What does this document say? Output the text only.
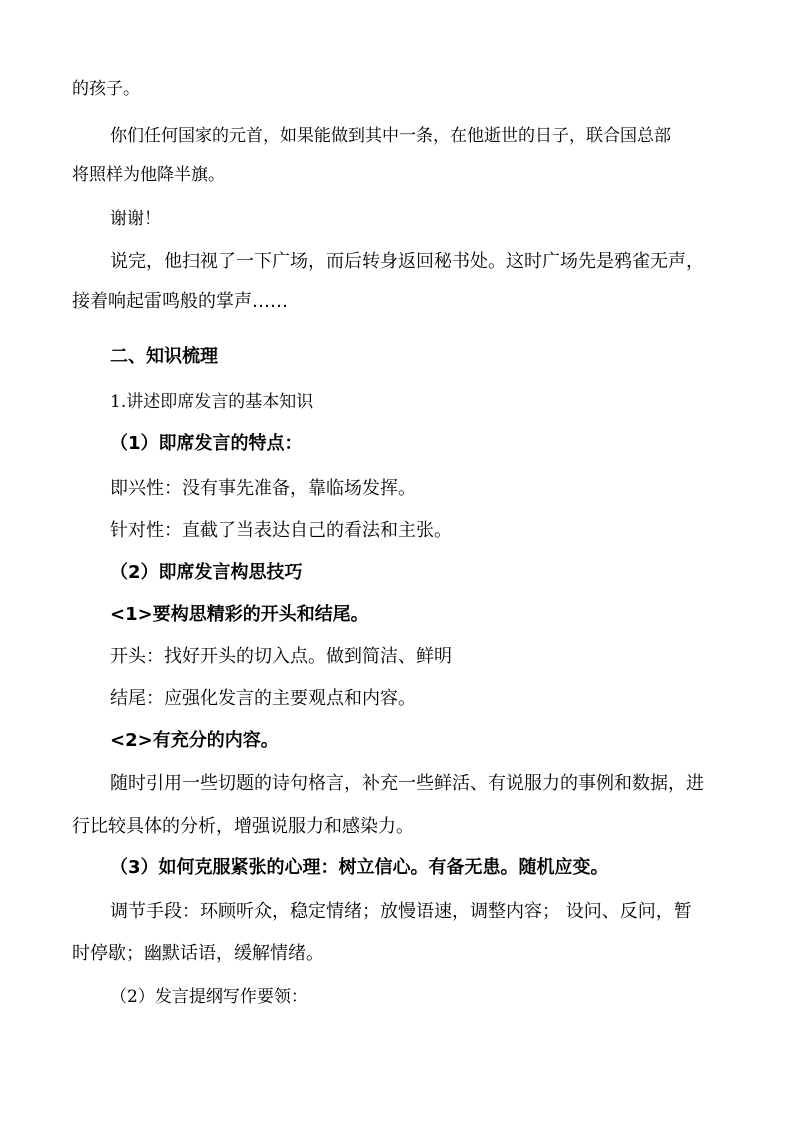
的孩子。
你们任何国家的元首，如果能做到其中一条，在他逝世的日子，联合国总部
将照样为他降半旗。
谢谢！
说完，他扫视了一下广场，而后转身返回秘书处。这时广场先是鸦雀无声，
接着响起雷鸣般的掌声……
二、知识梳理
1.讲述即席发言的基本知识
（1）即席发言的特点：
即兴性：没有事先准备，靠临场发挥。
针对性：直截了当表达自己的看法和主张。
（2）即席发言构思技巧
<1>要构思精彩的开头和结尾。
开头：找好开头的切入点。做到简洁、鲜明
结尾：应强化发言的主要观点和内容。
<2>有充分的内容。
随时引用一些切题的诗句格言，补充一些鲜活、有说服力的事例和数据，进
行比较具体的分析，增强说服力和感染力。
（3）如何克服紧张的心理：树立信心。有备无患。随机应变。
调节手段：环顾听众，稳定情绪；放慢语速，调整内容； 设问、反问，暂
时停歇；幽默话语，缓解情绪。
（2）发言提纲写作要领：
